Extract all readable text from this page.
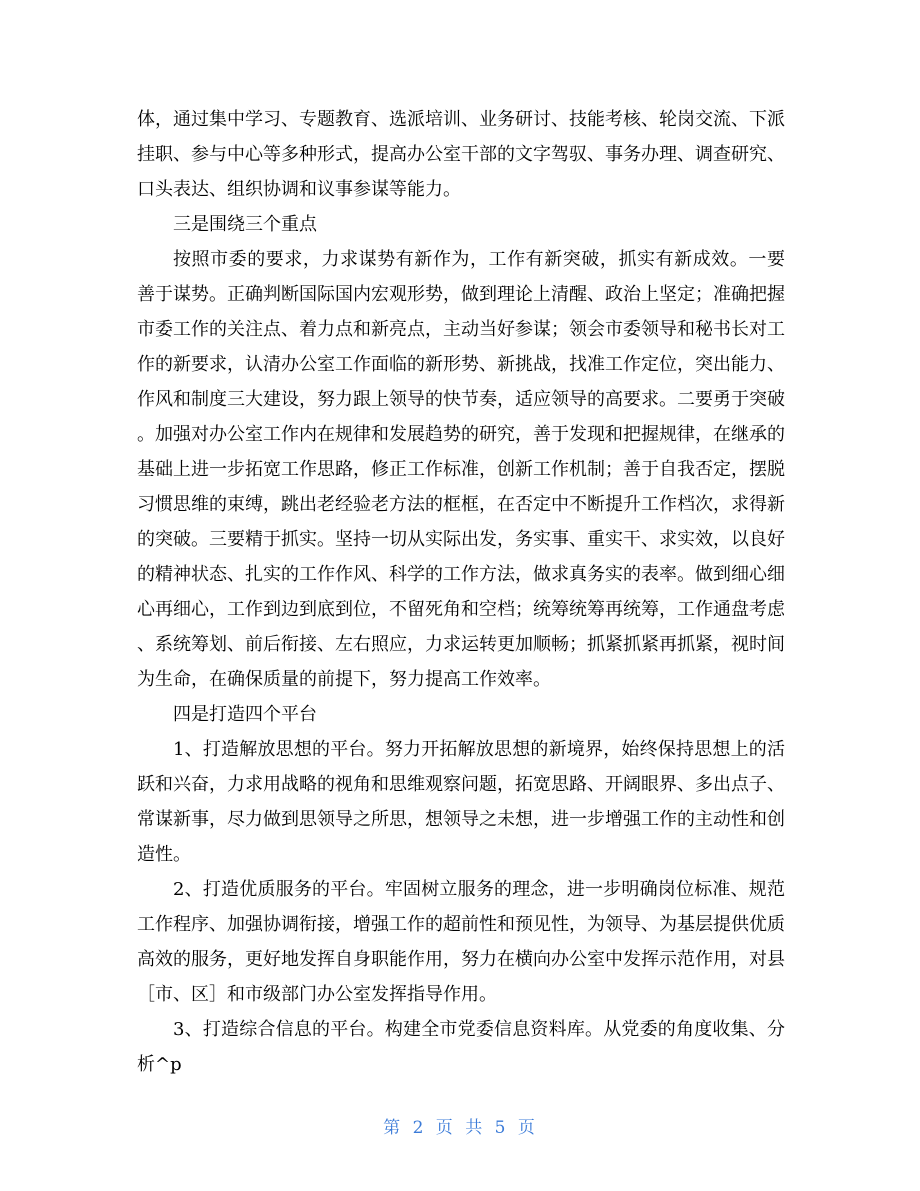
体，通过集中学习、专题教育、选派培训、业务研讨、技能考核、轮岗交流、下派
挂职、参与中心等多种形式，提高办公室干部的文字驾驭、事务办理、调查研究、
口头表达、组织协调和议事参谋等能力。
三是围绕三个重点
按照市委的要求，力求谋势有新作为，工作有新突破，抓实有新成效。一要
善于谋势。正确判断国际国内宏观形势，做到理论上清醒、政治上坚定；准确把握
市委工作的关注点、着力点和新亮点，主动当好参谋；领会市委领导和秘书长对工
作的新要求，认清办公室工作面临的新形势、新挑战，找准工作定位，突出能力、
作风和制度三大建设，努力跟上领导的快节奏，适应领导的高要求。二要勇于突破
。加强对办公室工作内在规律和发展趋势的研究，善于发现和把握规律，在继承的
基础上进一步拓宽工作思路，修正工作标准，创新工作机制；善于自我否定，摆脱
习惯思维的束缚，跳出老经验老方法的框框，在否定中不断提升工作档次，求得新
的突破。三要精于抓实。坚持一切从实际出发，务实事、重实干、求实效，以良好
的精神状态、扎实的工作作风、科学的工作方法，做求真务实的表率。做到细心细
心再细心，工作到边到底到位，不留死角和空档；统筹统筹再统筹，工作通盘考虑
、系统筹划、前后衔接、左右照应，力求运转更加顺畅；抓紧抓紧再抓紧，视时间
为生命，在确保质量的前提下，努力提高工作效率。
四是打造四个平台
1、打造解放思想的平台。努力开拓解放思想的新境界，始终保持思想上的活
跃和兴奋，力求用战略的视角和思维观察问题，拓宽思路、开阔眼界、多出点子、
常谋新事，尽力做到思领导之所思，想领导之未想，进一步增强工作的主动性和创
造性。
2、打造优质服务的平台。牢固树立服务的理念，进一步明确岗位标准、规范
工作程序、加强协调衔接，增强工作的超前性和预见性，为领导、为基层提供优质
高效的服务，更好地发挥自身职能作用，努力在横向办公室中发挥示范作用，对县
［市、区］和市级部门办公室发挥指导作用。
3、打造综合信息的平台。构建全市党委信息资料库。从党委的角度收集、分
析^p
第 2 页 共 5 页
